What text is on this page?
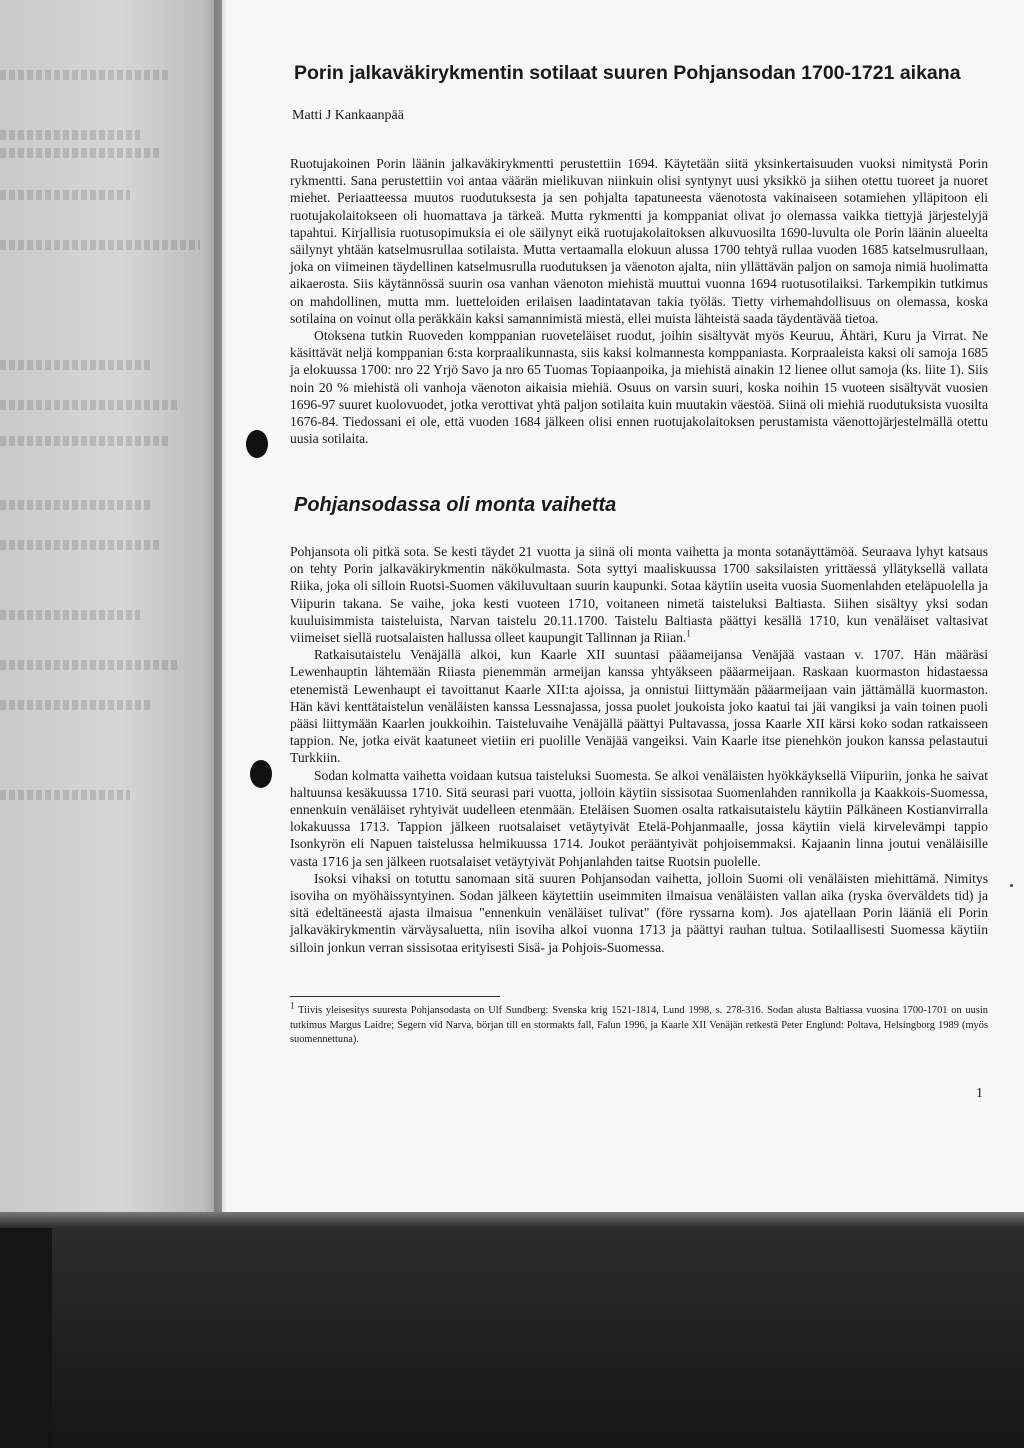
Porin jalkaväkirykmentin sotilaat suuren Pohjansodan 1700-1721 aikana

Matti J Kankaanpää

Ruotujakoinen Porin läänin jalkaväkirykmentti perustettiin 1694. Käytetään siitä yksinkertaisuuden vuoksi nimitystä Porin rykmentti. Sana perustettiin voi antaa väärän mielikuvan niinkuin olisi syntynyt uusi yksikkö ja siihen otettu tuoreet ja nuoret miehet. Periaatteessa muutos ruodutuksesta ja sen pohjalta tapatuneesta väenotosta vakinaiseen sotamiehen ylläpitoon eli ruotujakolaitokseen oli huomattava ja tärkeä. Mutta rykmentti ja komppaniat olivat jo olemassa vaikka tiettyjä järjestelyjä tapahtui. Kirjallisia ruotusopimuksia ei ole säilynyt eikä ruotujakolaitoksen alkuvuosilta 1690-luvulta ole Porin läänin alueelta säilynyt yhtään katselmusrullaa sotilaista. Mutta vertaamalla elokuun alussa 1700 tehtyä rullaa vuoden 1685 katselmusrullaan, joka on viimeinen täydellinen katselmusrulla ruodutuksen ja väenoton ajalta, niin yllättävän paljon on samoja nimiä huolimatta aikaerosta. Siis käytännössä suurin osa vanhan väenoton miehistä muuttui vuonna 1694 ruotusotilaiksi. Tarkempikin tutkimus on mahdollinen, mutta mm. luetteloiden erilaisen laadintatavan takia työläs. Tietty virhemahdollisuus on olemassa, koska sotilaina on voinut olla peräkkäin kaksi samannimistä miestä, ellei muista lähteistä saada täydentävää tietoa.

Otoksena tutkin Ruoveden komppanian ruoveteläiset ruodut, joihin sisältyvät myös Keuruu, Ähtäri, Kuru ja Virrat. Ne käsittävät neljä komppanian 6:sta korpraalikunnasta, siis kaksi kolmannesta komppaniasta. Korpraaleista kaksi oli samoja 1685 ja elokuussa 1700: nro 22 Yrjö Savo ja nro 65 Tuomas Topiaanpoika, ja miehistä ainakin 12 lienee ollut samoja (ks. liite 1). Siis noin 20 % miehistä oli vanhoja väenoton aikaisia miehiä. Osuus on varsin suuri, koska noihin 15 vuoteen sisältyvät vuosien 1696-97 suuret kuolovuodet, jotka verottivat yhtä paljon sotilaita kuin muutakin väestöä. Siinä oli miehiä ruodutuksista vuosilta 1676-84. Tiedossani ei ole, että vuoden 1684 jälkeen olisi ennen ruotujakolaitoksen perustamista väenottojärjestelmällä otettu uusia sotilaita.

Pohjansodassa oli monta vaihetta

Pohjansota oli pitkä sota. Se kesti täydet 21 vuotta ja siinä oli monta vaihetta ja monta sotanäyttämöä. Seuraava lyhyt katsaus on tehty Porin jalkaväkirykmentin näkökulmasta. Sota syttyi maaliskuussa 1700 saksilaisten yrittäessä yllätyksellä vallata Riika, joka oli silloin Ruotsi-Suomen väkiluvultaan suurin kaupunki. Sotaa käytiin useita vuosia Suomenlahden eteläpuolella ja Viipurin takana. Se vaihe, joka kesti vuoteen 1710, voitaneen nimetä taisteluksi Baltiasta. Siihen sisältyy yksi sodan kuuluisimmista taisteluista, Narvan taistelu 20.11.1700. Taistelu Baltiasta päättyi kesällä 1710, kun venäläiset valtasivat viimeiset siellä ruotsalaisten hallussa olleet kaupungit Tallinnan ja Riian.$^1$

Ratkaisutaistelu Venäjällä alkoi, kun Kaarle XII suuntasi pääameijansa Venäjää vastaan v. 1707. Hän määräsi Lewenhauptin lähtemään Riiasta pienemmän armeijan kanssa yhtyäkseen pääarmeijaan. Raskaan kuormaston hidastaessa etenemistä Lewenhaupt ei tavoittanut Kaarle XII:ta ajoissa, ja onnistui liittymään pääarmeijaan vain jättämällä kuormaston. Hän kävi kenttätaistelun venäläisten kanssa Lessnajassa, jossa puolet joukoista joko kaatui tai jäi vangiksi ja vain toinen puoli pääsi liittymään Kaarlen joukkoihin. Taisteluvaihe Venäjällä päättyi Pultavassa, jossa Kaarle XII kärsi koko sodan ratkaisseen tappion. Ne, jotka eivät kaatuneet vietiin eri puolille Venäjää vangeiksi. Vain Kaarle itse pienehkön joukon kanssa pelastautui Turkkiin.

Sodan kolmatta vaihetta voidaan kutsua taisteluksi Suomesta. Se alkoi venäläisten hyökkäyksellä Viipuriin, jonka he saivat haltuunsa kesäkuussa 1710. Sitä seurasi pari vuotta, jolloin käytiin sissisotaa Suomenlahden rannikolla ja Kaakkois-Suomessa, ennenkuin venäläiset ryhtyivät uudelleen etenmään. Eteläisen Suomen osalta ratkaisutaistelu käytiin Pälkäneen Kostianvirralla lokakuussa 1713. Tappion jälkeen ruotsalaiset vetäytyivät Etelä-Pohjanmaalle, jossa käytiin vielä kirvelevämpi tappio Isonkyrön eli Napuen taistelussa helmikuussa 1714. Joukot perääntyivät pohjoisemmaksi. Kajaanin linna joutui venäläisille vasta 1716 ja sen jälkeen ruotsalaiset vetäytyivät Pohjanlahden taitse Ruotsin puolelle.

Isoksi vihaksi on totuttu sanomaan sitä suuren Pohjansodan vaihetta, jolloin Suomi oli venäläisten miehittämä. Nimitys isoviha on myöhäissyntyinen. Sodan jälkeen käytettiin useimmiten ilmaisua venäläisten vallan aika (ryska överväldets tid) ja sitä edeltäneestä ajasta ilmaisua "ennenkuin venäläiset tulivat" (före ryssarna kom). Jos ajatellaan Porin lääniä eli Porin jalkaväkirykmentin värväysaluetta, niin isoviha alkoi vuonna 1713 ja päättyi rauhan tultua. Sotilaallisesti Suomessa käytiin silloin jonkun verran sissisotaa erityisesti Sisä- ja Pohjois-Suomessa.

$^1$ Tiivis yleisesitys suuresta Pohjansodasta on Ulf Sundberg: Svenska krig 1521-1814, Lund 1998, s. 278-316. Sodan alusta Baltiassa vuosina 1700-1701 on uusin tutkimus Margus Laidre; Segern vid Narva, början till en stormakts fall, Falun 1996, ja Kaarle XII Venäjän retkestä Peter Englund: Poltava, Helsingborg 1989 (myös suomennettuna).

1
